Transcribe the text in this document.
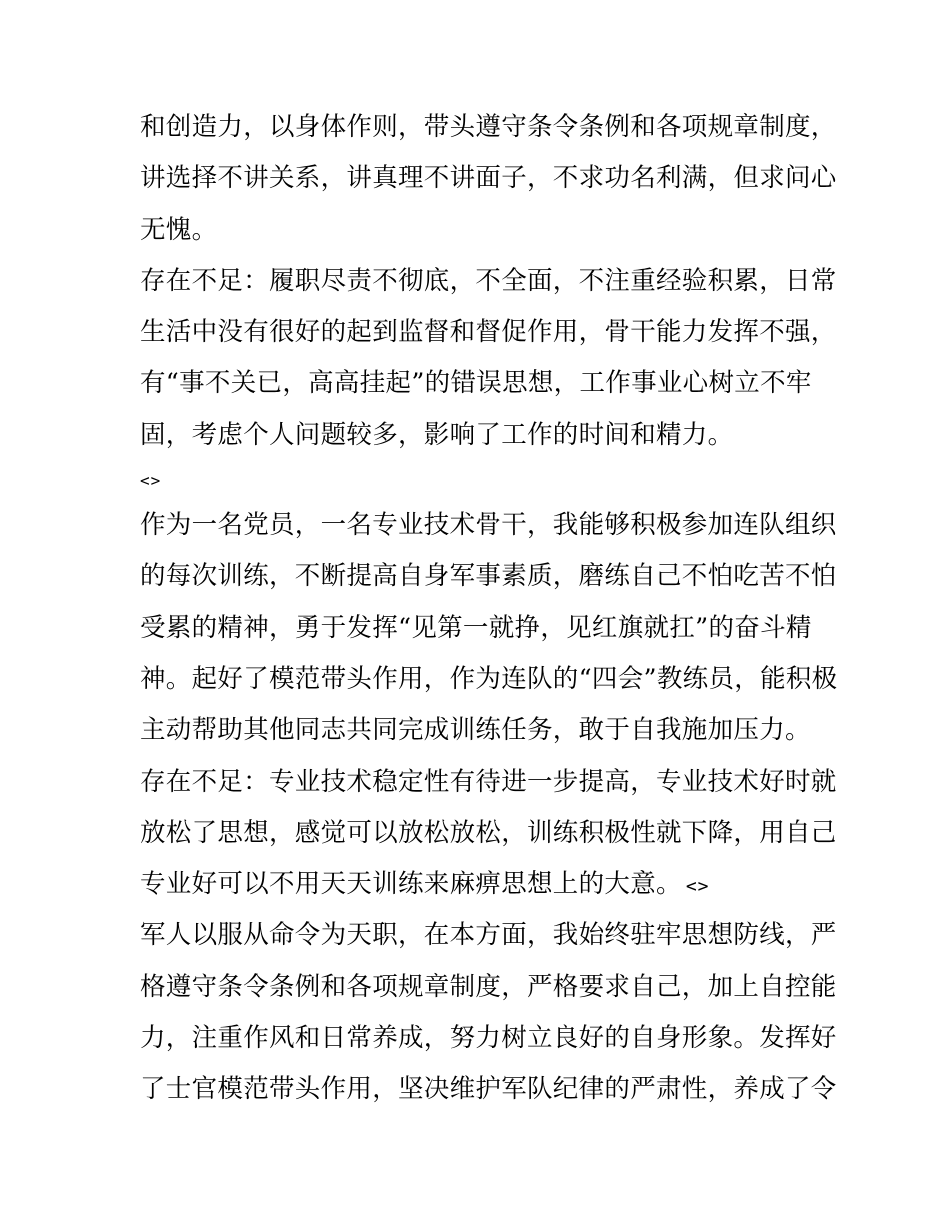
和创造力，以身体作则，带头遵守条令条例和各项规章制度，
讲选择不讲关系，讲真理不讲面子，不求功名利满，但求问心
无愧。
存在不足：履职尽责不彻底，不全面，不注重经验积累，日常
生活中没有很好的起到监督和督促作用，骨干能力发挥不强，
有“事不关已，高高挂起”的错误思想，工作事业心树立不牢
固，考虑个人问题较多，影响了工作的时间和精力。
<>
作为一名党员，一名专业技术骨干，我能够积极参加连队组织
的每次训练，不断提高自身军事素质，磨练自己不怕吃苦不怕
受累的精神，勇于发挥“见第一就挣，见红旗就扛”的奋斗精
神。起好了模范带头作用，作为连队的“四会”教练员，能积极
主动帮助其他同志共同完成训练任务，敢于自我施加压力。
存在不足：专业技术稳定性有待进一步提高，专业技术好时就
放松了思想，感觉可以放松放松，训练积极性就下降，用自己
专业好可以不用天天训练来麻痹思想上的大意。 <>
军人以服从命令为天职，在本方面，我始终驻牢思想防线，严
格遵守条令条例和各项规章制度，严格要求自己，加上自控能
力，注重作风和日常养成，努力树立良好的自身形象。发挥好
了士官模范带头作用，坚决维护军队纪律的严肃性，养成了令
